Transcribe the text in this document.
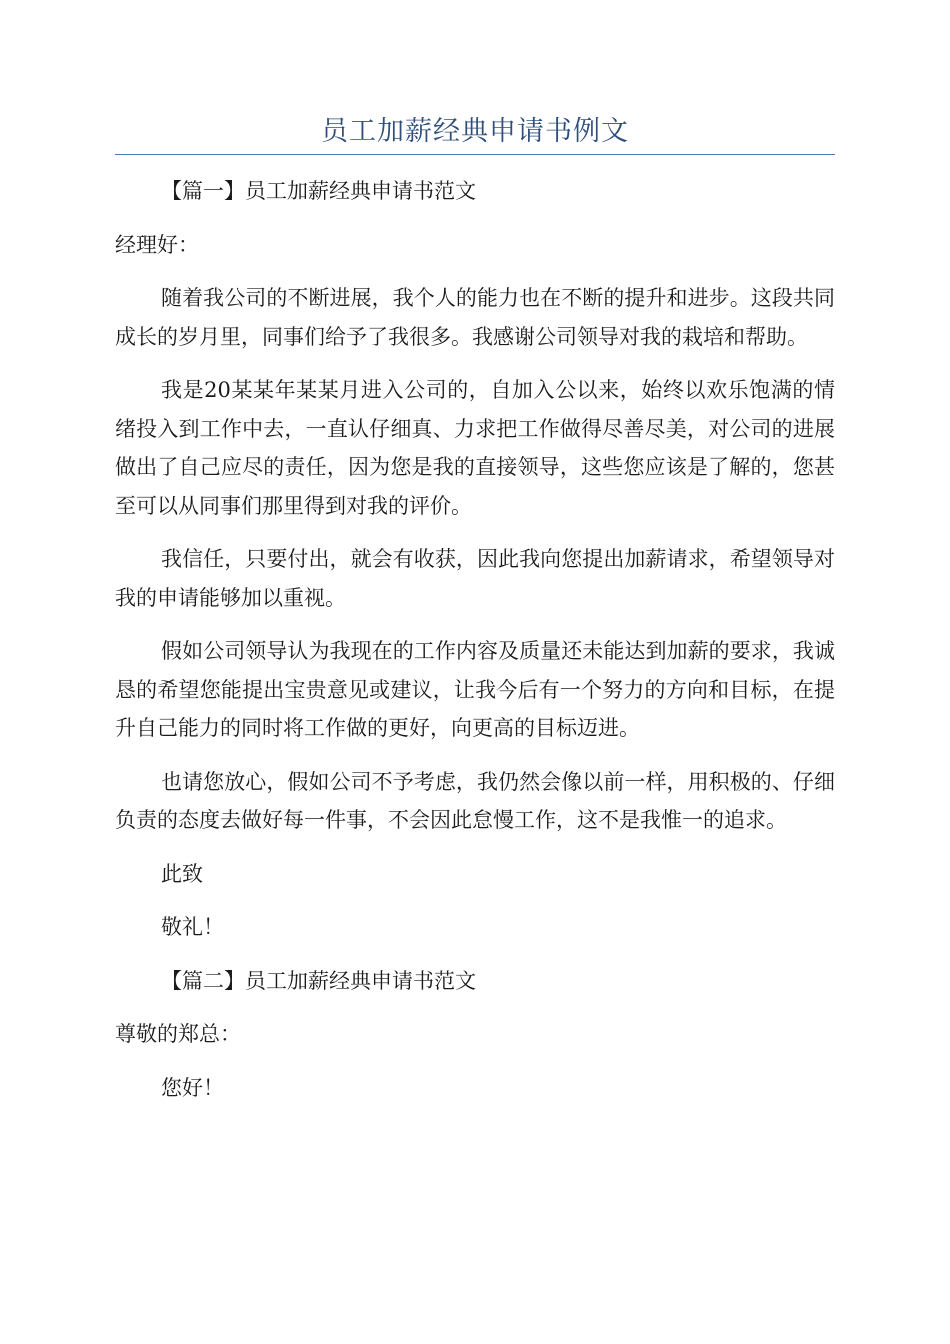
员工加薪经典申请书例文

【篇一】员工加薪经典申请书范文

经理好：

随着我公司的不断进展，我个人的能力也在不断的提升和进步。这段共同成长的岁月里，同事们给予了我很多。我感谢公司领导对我的栽培和帮助。

我是20某某年某某月进入公司的，自加入公以来，始终以欢乐饱满的情绪投入到工作中去，一直认仔细真、力求把工作做得尽善尽美，对公司的进展做出了自己应尽的责任，因为您是我的直接领导，这些您应该是了解的，您甚至可以从同事们那里得到对我的评价。

我信任，只要付出，就会有收获，因此我向您提出加薪请求，希望领导对我的申请能够加以重视。

假如公司领导认为我现在的工作内容及质量还未能达到加薪的要求，我诚恳的希望您能提出宝贵意见或建议，让我今后有一个努力的方向和目标，在提升自己能力的同时将工作做的更好，向更高的目标迈进。

也请您放心，假如公司不予考虑，我仍然会像以前一样，用积极的、仔细负责的态度去做好每一件事，不会因此怠慢工作，这不是我惟一的追求。

此致

敬礼！

【篇二】员工加薪经典申请书范文

尊敬的郑总：

您好！
